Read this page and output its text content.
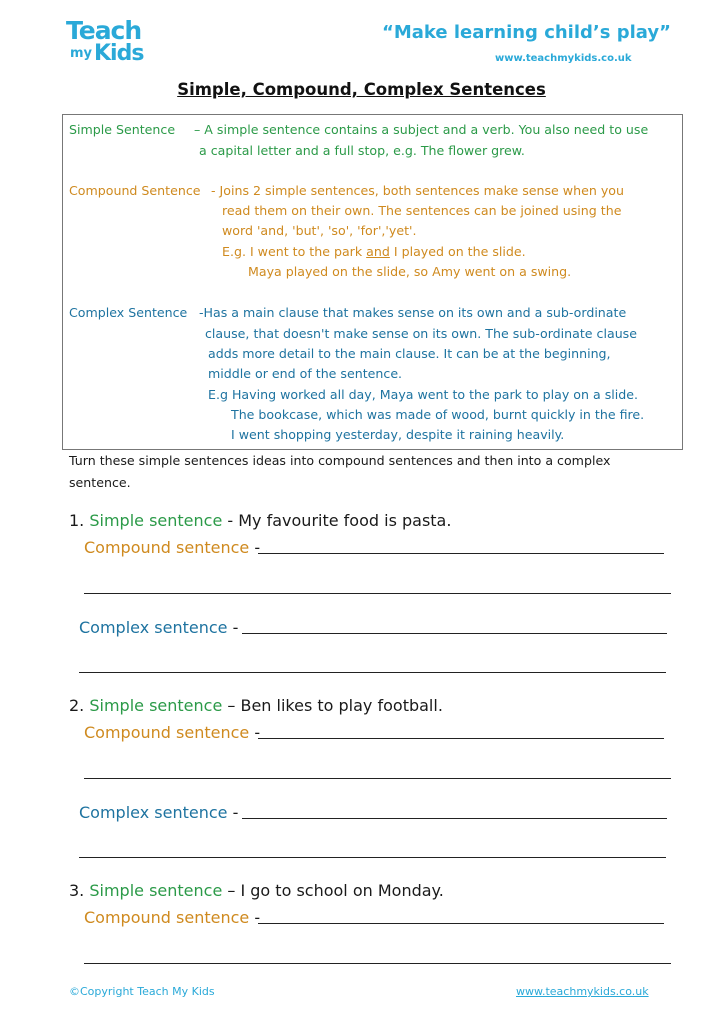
Teach
my Kids
“Make learning child’s play”
www.teachmykids.co.uk
Simple, Compound, Complex Sentences
Simple Sentence – A simple sentence contains a subject and a verb. You also need to use
a capital letter and a full stop, e.g. The flower grew.
Compound Sentence - Joins 2 simple sentences, both sentences make sense when you
read them on their own. The sentences can be joined using the
word 'and, 'but', 'so', 'for','yet'.
E.g. I went to the park and I played on the slide.
Maya played on the slide, so Amy went on a swing.
Complex Sentence -Has a main clause that makes sense on its own and a sub-ordinate
clause, that doesn't make sense on its own. The sub-ordinate clause
adds more detail to the main clause. It can be at the beginning,
middle or end of the sentence.
E.g Having worked all day, Maya went to the park to play on a slide.
The bookcase, which was made of wood, burnt quickly in the fire.
I went shopping yesterday, despite it raining heavily.
Turn these simple sentences ideas into compound sentences and then into a complex
sentence.
1. Simple sentence - My favourite food is pasta.
Compound sentence -
Complex sentence -
2. Simple sentence – Ben likes to play football.
Compound sentence -
Complex sentence -
3. Simple sentence – I go to school on Monday.
Compound sentence -
©Copyright Teach My Kids	www.teachmykids.co.uk
